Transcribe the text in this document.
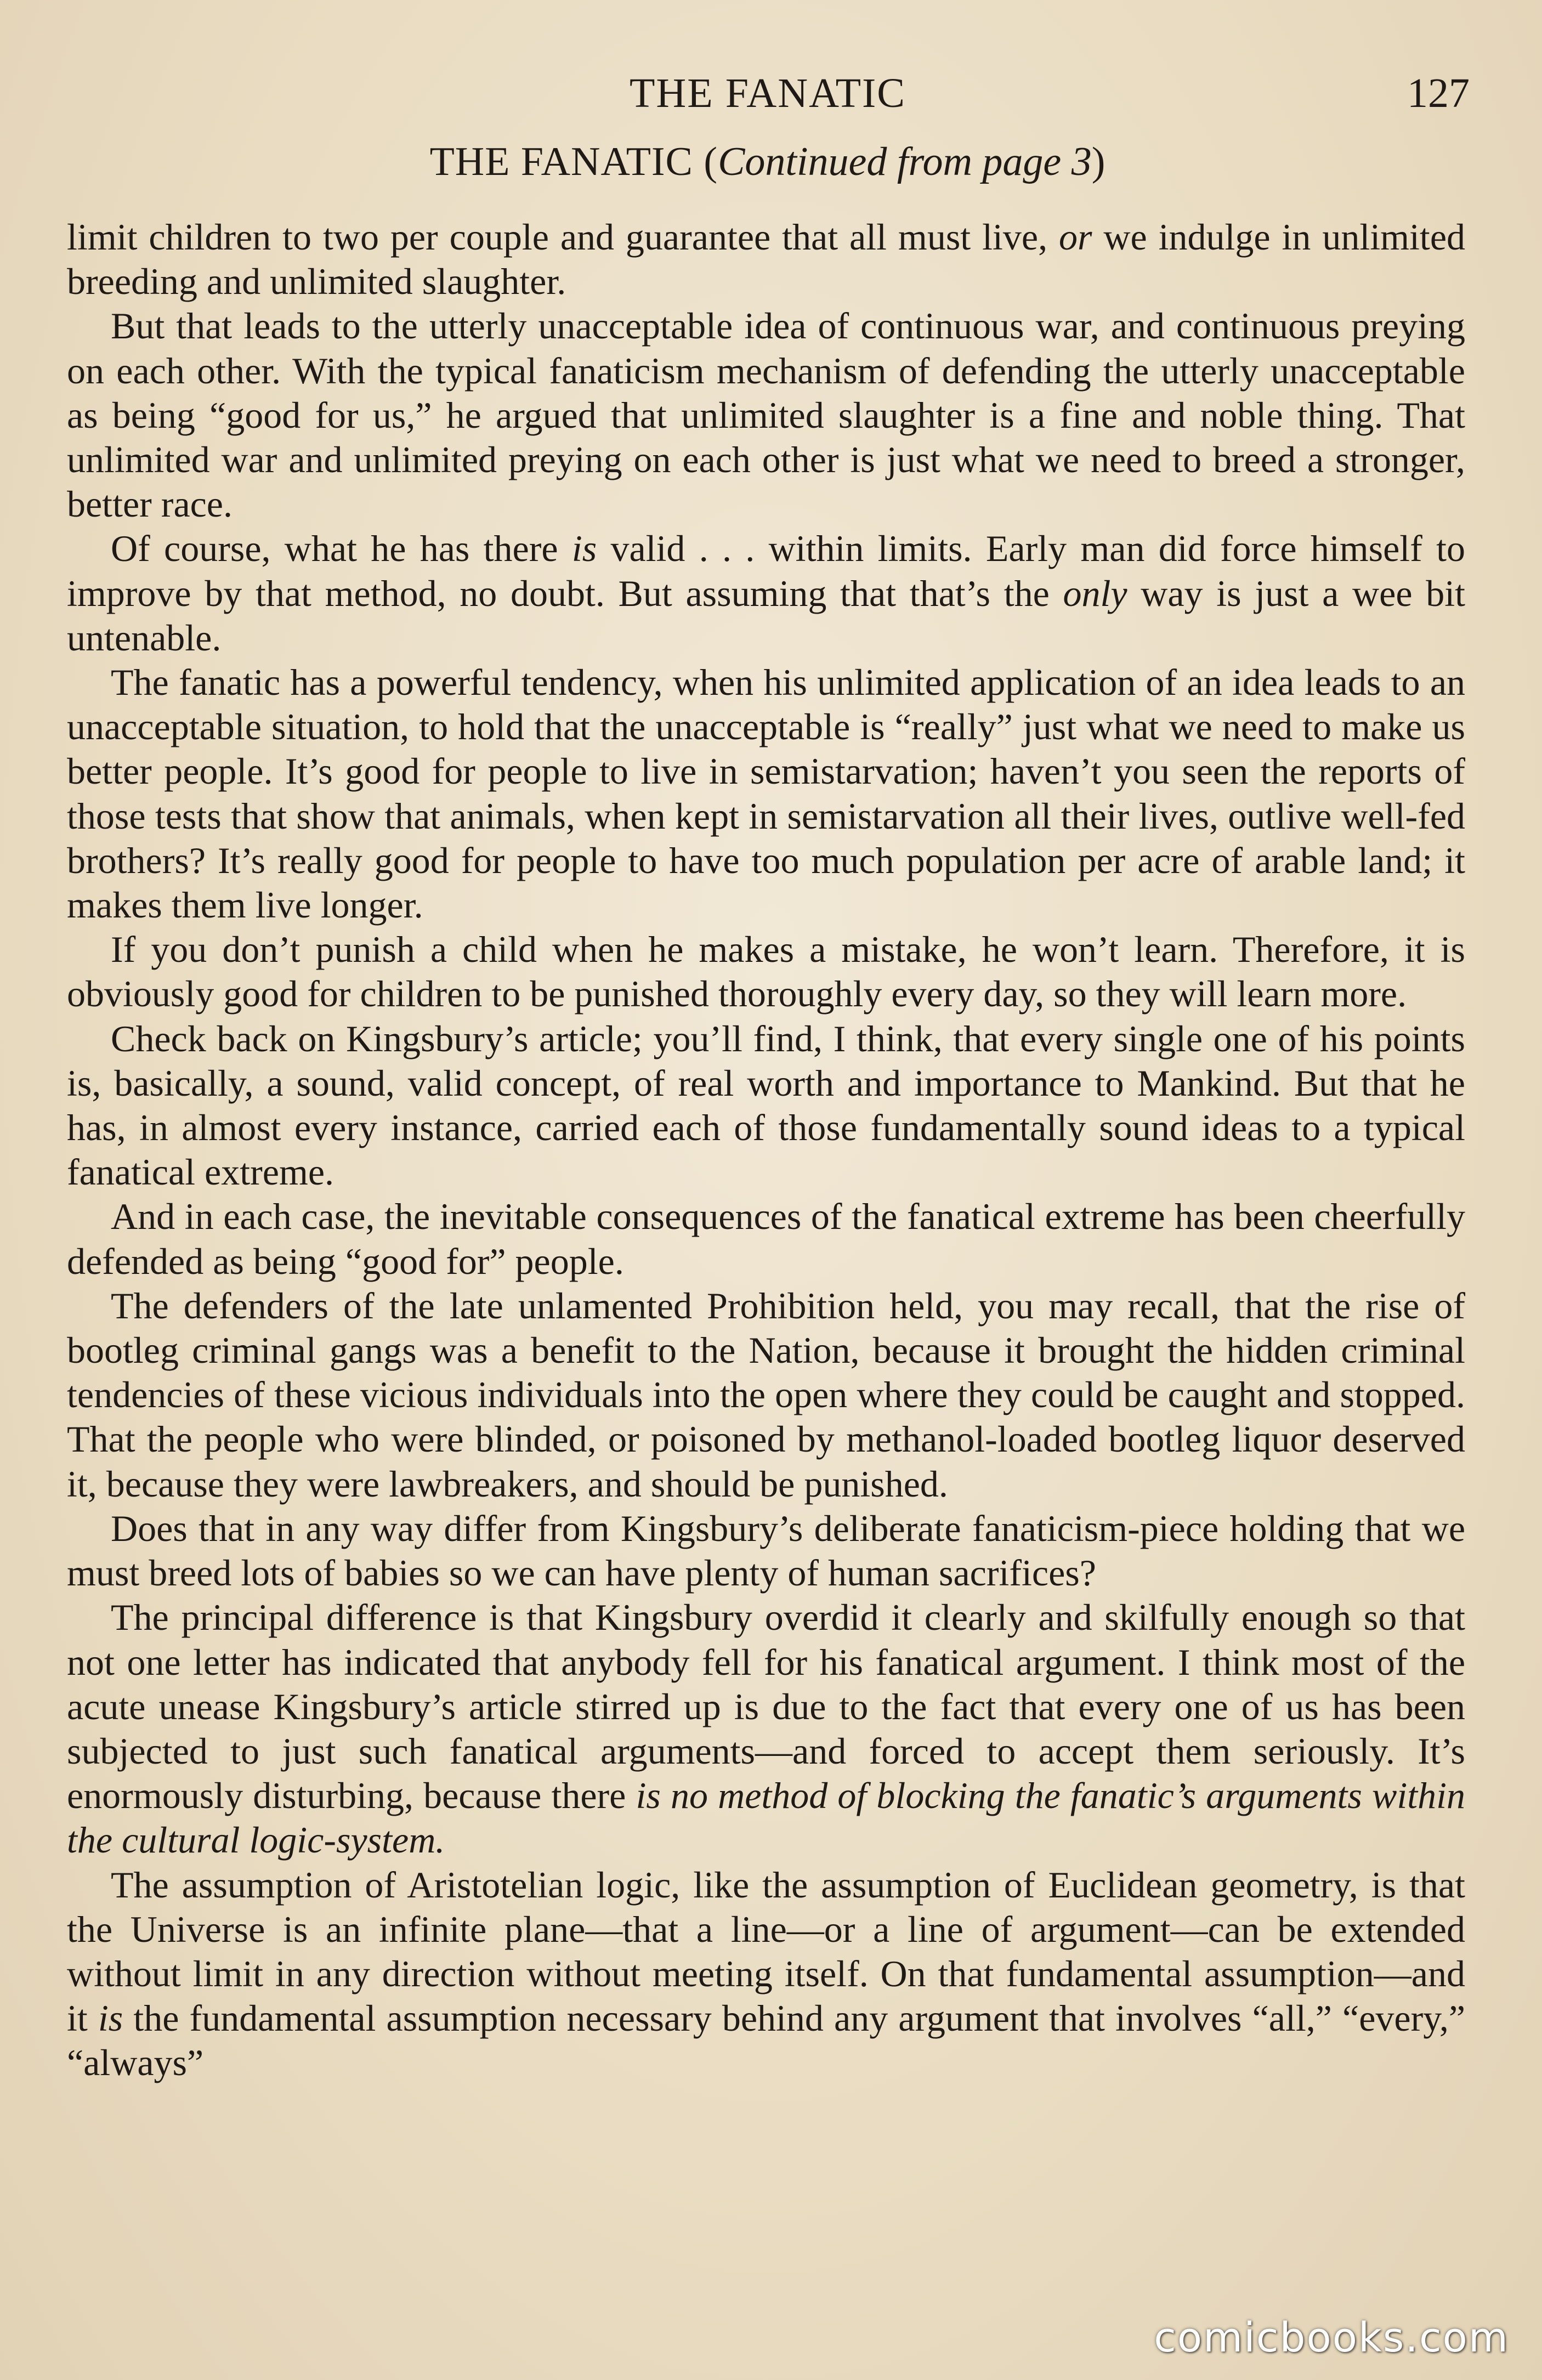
THE FANATIC	127
THE FANATIC (Continued from page 3)

limit children to two per couple and guarantee that all must live, or we indulge in unlimited breeding and unlimited slaughter.

But that leads to the utterly unacceptable idea of continuous war, and continuous preying on each other. With the typical fanaticism mechanism of defending the utterly unacceptable as being “good for us,” he argued that unlimited slaughter is a fine and noble thing. That unlimited war and unlimited preying on each other is just what we need to breed a stronger, better race.

Of course, what he has there is valid . . . within limits. Early man did force himself to improve by that method, no doubt. But assuming that that’s the only way is just a wee bit untenable.

The fanatic has a powerful tendency, when his unlimited application of an idea leads to an unacceptable situation, to hold that the unacceptable is “really” just what we need to make us better people. It’s good for people to live in semistarvation; haven’t you seen the reports of those tests that show that animals, when kept in semistarvation all their lives, outlive well-fed brothers? It’s really good for people to have too much population per acre of arable land; it makes them live longer.

If you don’t punish a child when he makes a mistake, he won’t learn. Therefore, it is obviously good for children to be punished thoroughly every day, so they will learn more.

Check back on Kingsbury’s article; you’ll find, I think, that every single one of his points is, basically, a sound, valid concept, of real worth and importance to Mankind. But that he has, in almost every instance, carried each of those fundamentally sound ideas to a typical fanatical extreme.

And in each case, the inevitable consequences of the fanatical extreme has been cheerfully defended as being “good for” people.

The defenders of the late unlamented Prohibition held, you may recall, that the rise of bootleg criminal gangs was a benefit to the Nation, because it brought the hidden criminal tendencies of these vicious individuals into the open where they could be caught and stopped. That the people who were blinded, or poisoned by methanol-loaded bootleg liquor deserved it, because they were lawbreakers, and should be punished.

Does that in any way differ from Kingsbury’s deliberate fanaticism-piece holding that we must breed lots of babies so we can have plenty of human sacrifices?

The principal difference is that Kingsbury overdid it clearly and skilfully enough so that not one letter has indicated that anybody fell for his fanatical argument. I think most of the acute unease Kingsbury’s article stirred up is due to the fact that every one of us has been subjected to just such fanatical arguments—and forced to accept them seriously. It’s enormously disturbing, because there is no method of blocking the fanatic’s arguments within the cultural logic-system.

The assumption of Aristotelian logic, like the assumption of Euclidean geometry, is that the Universe is an infinite plane—that a line—or a line of argument—can be extended without limit in any direction without meeting itself. On that fundamental assumption—and it is the fundamental assumption necessary behind any argument that involves “all,” “every,” “always”

comicbooks.com
